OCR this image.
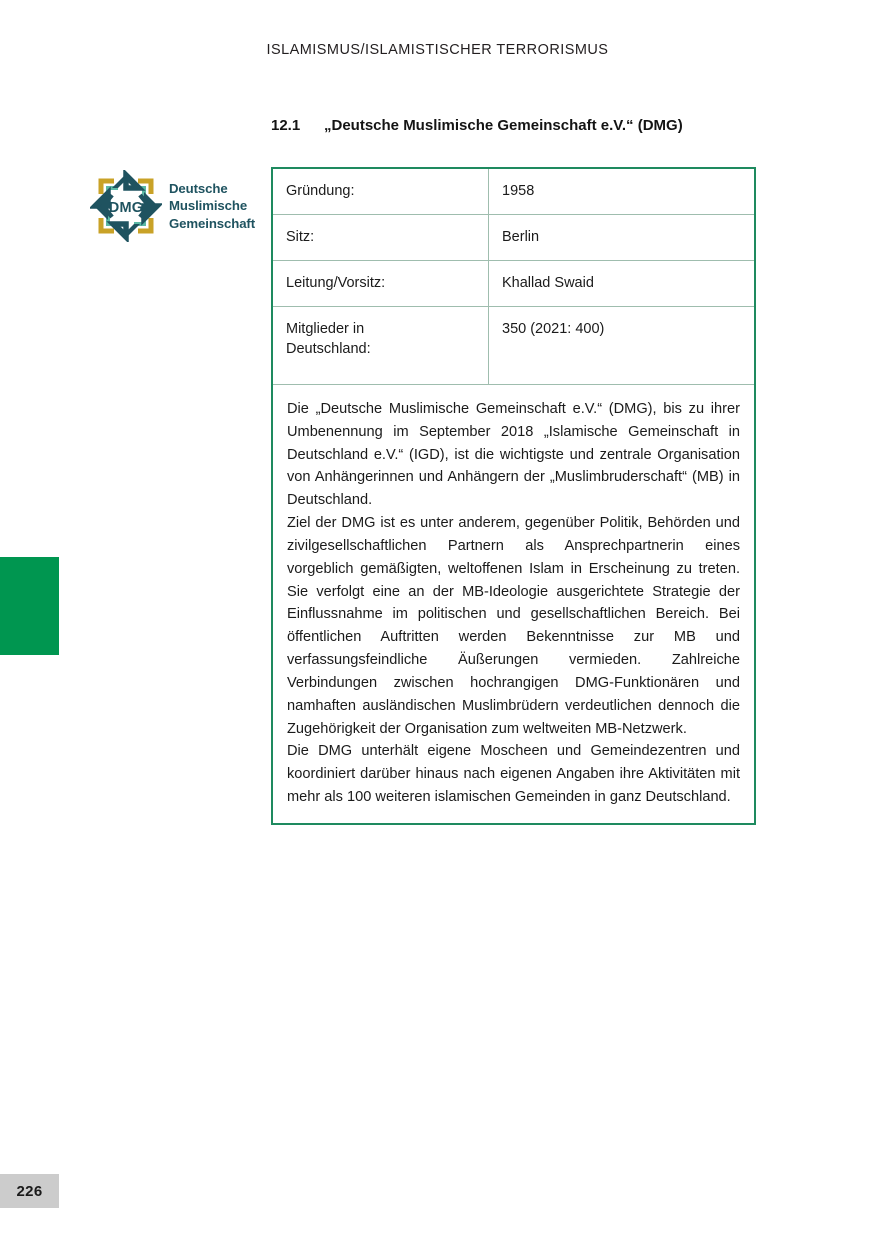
ISLAMISMUS/ISLAMISTISCHER TERRORISMUS
226
12.1 „Deutsche Muslimische Gemeinschaft e.V.“ (DMG)
DMG
Deutsche
Muslimische
Gemeinschaft
Gründung:	1958
Sitz:	Berlin
Leitung/Vorsitz:	Khallad Swaid
Mitglieder in
Deutschland:	350 (2021: 400)

Die „Deutsche Muslimische Gemeinschaft e.V.“ (DMG), bis zu ihrer Umbenennung im September 2018 „Islamische Gemeinschaft in Deutschland e.V.“ (IGD), ist die wichtigste und zentrale Organisation von Anhängerinnen und Anhängern der „Muslimbruderschaft“ (MB) in Deutschland.

Ziel der DMG ist es unter anderem, gegenüber Politik, Behörden und zivilgesellschaftlichen Partnern als Ansprechpartnerin eines vorgeblich gemäßigten, weltoffenen Islam in Erscheinung zu treten. Sie verfolgt eine an der MB-Ideologie ausgerichtete Strategie der Einflussnahme im politischen und gesellschaftlichen Bereich. Bei öffentlichen Auftritten werden Bekenntnisse zur MB und verfassungsfeindliche Äußerungen vermieden. Zahlreiche Verbindungen zwischen hochrangigen DMG-Funktionären und namhaften ausländischen Muslimbrüdern verdeutlichen dennoch die Zugehörigkeit der Organisation zum weltweiten MB-Netzwerk.

Die DMG unterhält eigene Moscheen und Gemeindezentren und koordiniert darüber hinaus nach eigenen Angaben ihre Aktivitäten mit mehr als 100 weiteren islamischen Gemeinden in ganz Deutschland.
